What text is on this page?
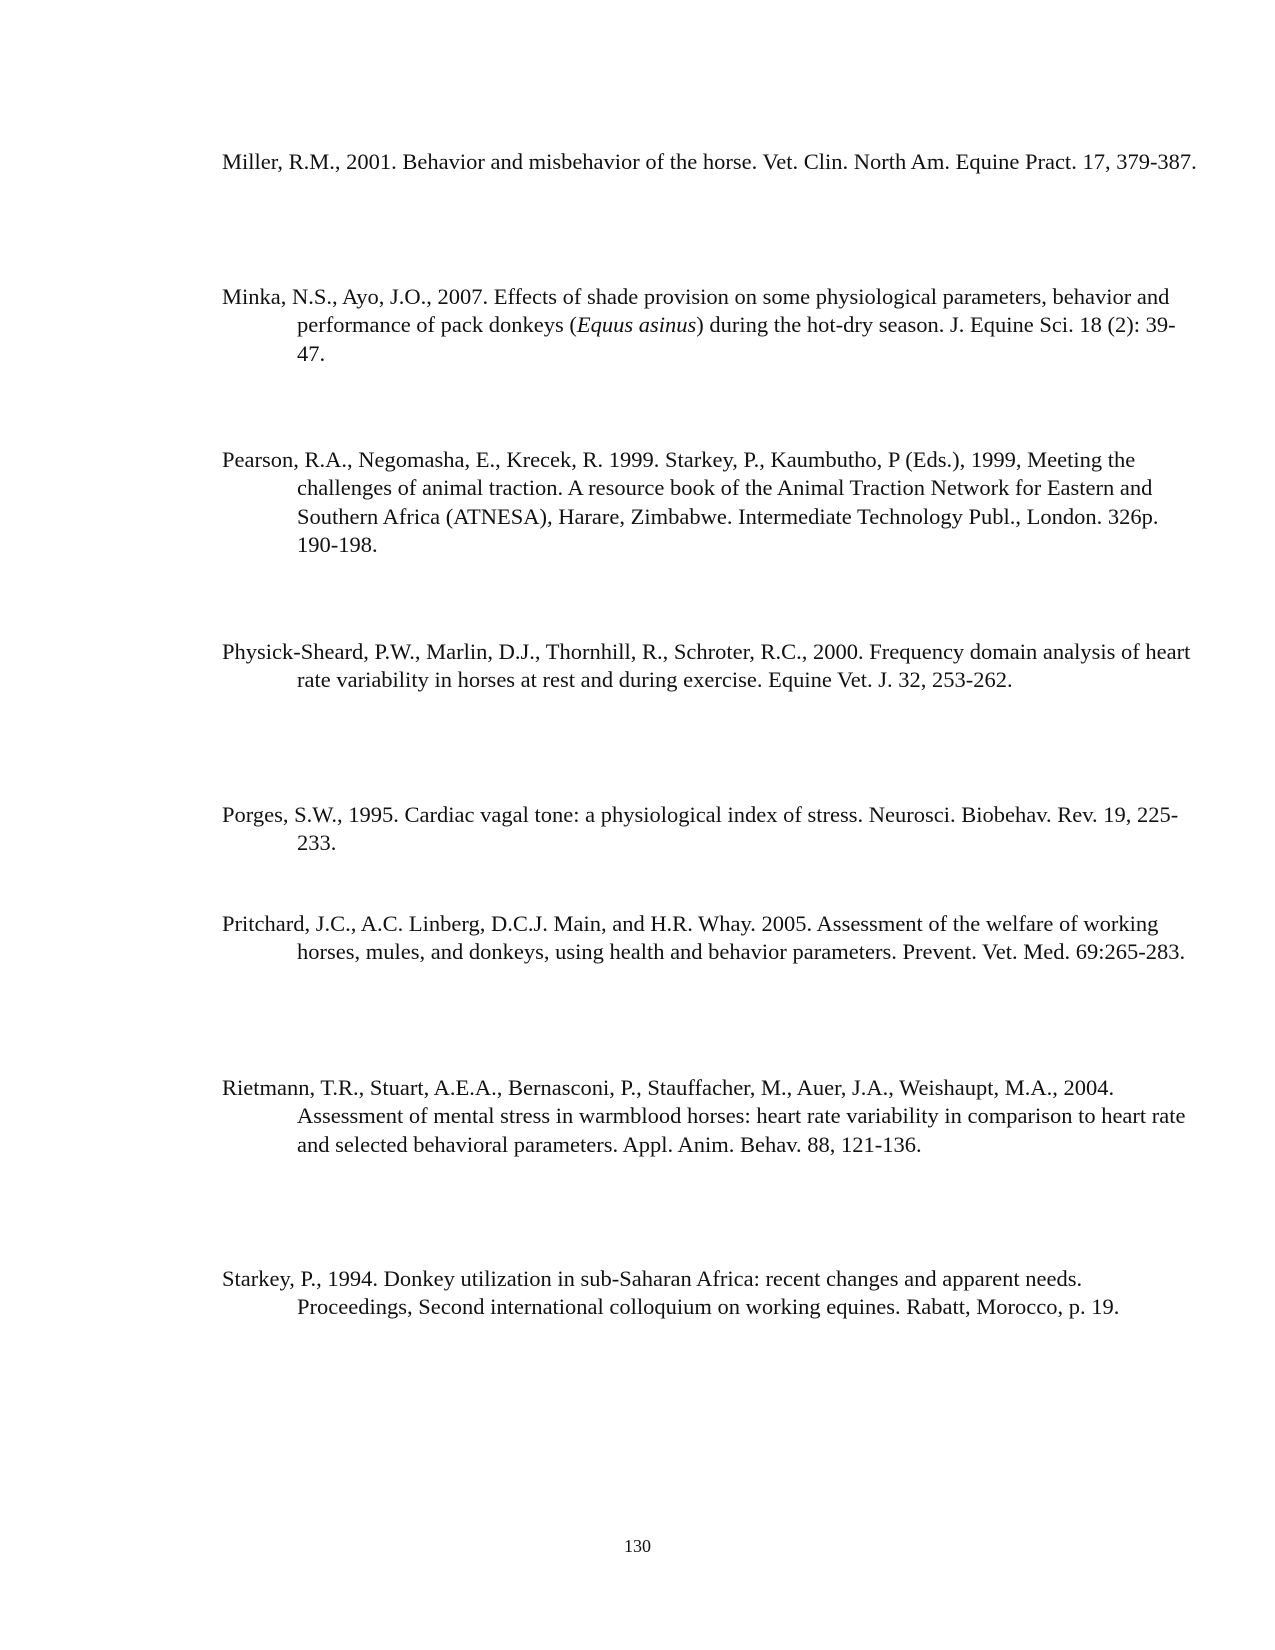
Miller, R.M., 2001. Behavior and misbehavior of the horse. Vet. Clin. North Am. Equine Pract. 17, 379-387.

Minka, N.S., Ayo, J.O., 2007. Effects of shade provision on some physiological parameters, behavior and performance of pack donkeys (Equus asinus) during the hot-dry season. J. Equine Sci. 18 (2): 39-47.

Pearson, R.A., Negomasha, E., Krecek, R. 1999. Starkey, P., Kaumbutho, P (Eds.), 1999, Meeting the challenges of animal traction. A resource book of the Animal Traction Network for Eastern and Southern Africa (ATNESA), Harare, Zimbabwe. Intermediate Technology Publ., London. 326p. 190-198.

Physick-Sheard, P.W., Marlin, D.J., Thornhill, R., Schroter, R.C., 2000. Frequency domain analysis of heart rate variability in horses at rest and during exercise. Equine Vet. J. 32, 253-262.

Porges, S.W., 1995. Cardiac vagal tone: a physiological index of stress. Neurosci. Biobehav. Rev. 19, 225-233.

Pritchard, J.C., A.C. Linberg, D.C.J. Main, and H.R. Whay. 2005. Assessment of the welfare of working horses, mules, and donkeys, using health and behavior parameters. Prevent. Vet. Med. 69:265-283.

Rietmann, T.R., Stuart, A.E.A., Bernasconi, P., Stauffacher, M., Auer, J.A., Weishaupt, M.A., 2004. Assessment of mental stress in warmblood horses: heart rate variability in comparison to heart rate and selected behavioral parameters. Appl. Anim. Behav. 88, 121-136.

Starkey, P., 1994. Donkey utilization in sub-Saharan Africa: recent changes and apparent needs. Proceedings, Second international colloquium on working equines. Rabatt, Morocco, p. 19.

130
